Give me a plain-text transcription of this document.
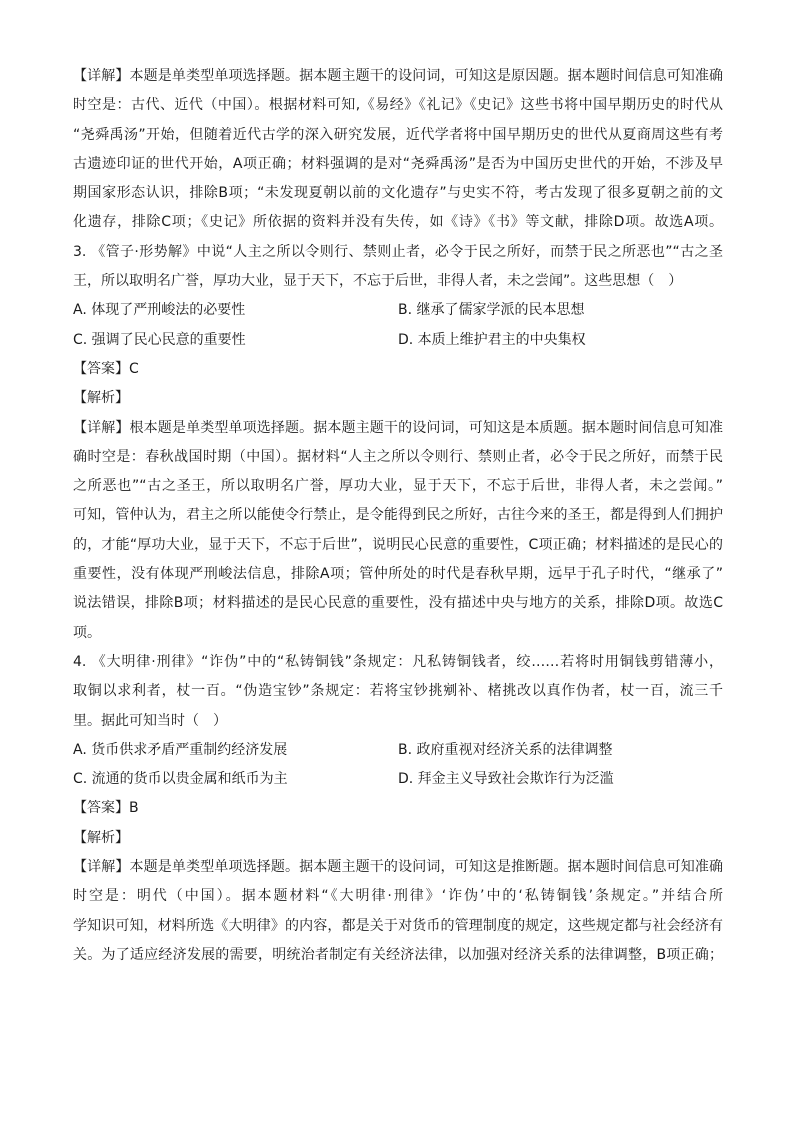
【详解】本题是单类型单项选择题。据本题主题干的设问词，可知这是原因题。据本题时间信息可知准确
时空是：古代、近代（中国）。根据材料可知,《易经》《礼记》《史记》这些书将中国早期历史的时代从
“尧舜禹汤”开始，但随着近代古学的深入研究发展，近代学者将中国早期历史的世代从夏商周这些有考
古遗迹印证的世代开始，A项正确；材料强调的是对“尧舜禹汤”是否为中国历史世代的开始，不涉及早
期国家形态认识，排除B项；“未发现夏朝以前的文化遗存”与史实不符，考古发现了很多夏朝之前的文
化遗存，排除C项；《史记》所依据的资料并没有失传，如《诗》《书》等文献，排除D项。故选A项。
3. 《管子·形势解》中说“人主之所以令则行、禁则止者，必令于民之所好，而禁于民之所恶也”“古之圣
王，所以取明名广誉，厚功大业，显于天下，不忘于后世，非得人者，未之尝闻”。这些思想（　）
A. 体现了严刑峻法的必要性	B. 继承了儒家学派的民本思想
C. 强调了民心民意的重要性	D. 本质上维护君主的中央集权
【答案】C
【解析】
【详解】根本题是单类型单项选择题。据本题主题干的设问词，可知这是本质题。据本题时间信息可知准
确时空是：春秋战国时期（中国）。据材料“人主之所以令则行、禁则止者，必令于民之所好，而禁于民
之所恶也”“古之圣王，所以取明名广誉，厚功大业，显于天下，不忘于后世，非得人者，未之尝闻。”
可知，管仲认为，君主之所以能使令行禁止，是令能得到民之所好，古往今来的圣王，都是得到人们拥护
的，才能“厚功大业，显于天下，不忘于后世”，说明民心民意的重要性，C项正确；材料描述的是民心的
重要性，没有体现严刑峻法信息，排除A项；管仲所处的时代是春秋早期，远早于孔子时代，“继承了”
说法错误，排除B项；材料描述的是民心民意的重要性，没有描述中央与地方的关系，排除D项。故选C
项。
4. 《大明律·刑律》“诈伪”中的“私铸铜钱”条规定：凡私铸铜钱者，绞……若将时用铜钱剪错薄小，
取铜以求利者，杖一百。“伪造宝钞”条规定：若将宝钞挑剜补、楮挑改以真作伪者，杖一百，流三千
里。据此可知当时（　）
A. 货币供求矛盾严重制约经济发展	B. 政府重视对经济关系的法律调整
C. 流通的货币以贵金属和纸币为主	D. 拜金主义导致社会欺诈行为泛滥
【答案】B
【解析】
【详解】本题是单类型单项选择题。据本题主题干的设问词，可知这是推断题。据本题时间信息可知准确
时空是：明代（中国）。据本题材料“《大明律·刑律》‘诈伪’中的‘私铸铜钱’条规定。”并结合所
学知识可知，材料所选《大明律》的内容，都是关于对货币的管理制度的规定，这些规定都与社会经济有
关。为了适应经济发展的需要，明统治者制定有关经济法律，以加强对经济关系的法律调整，B项正确；
